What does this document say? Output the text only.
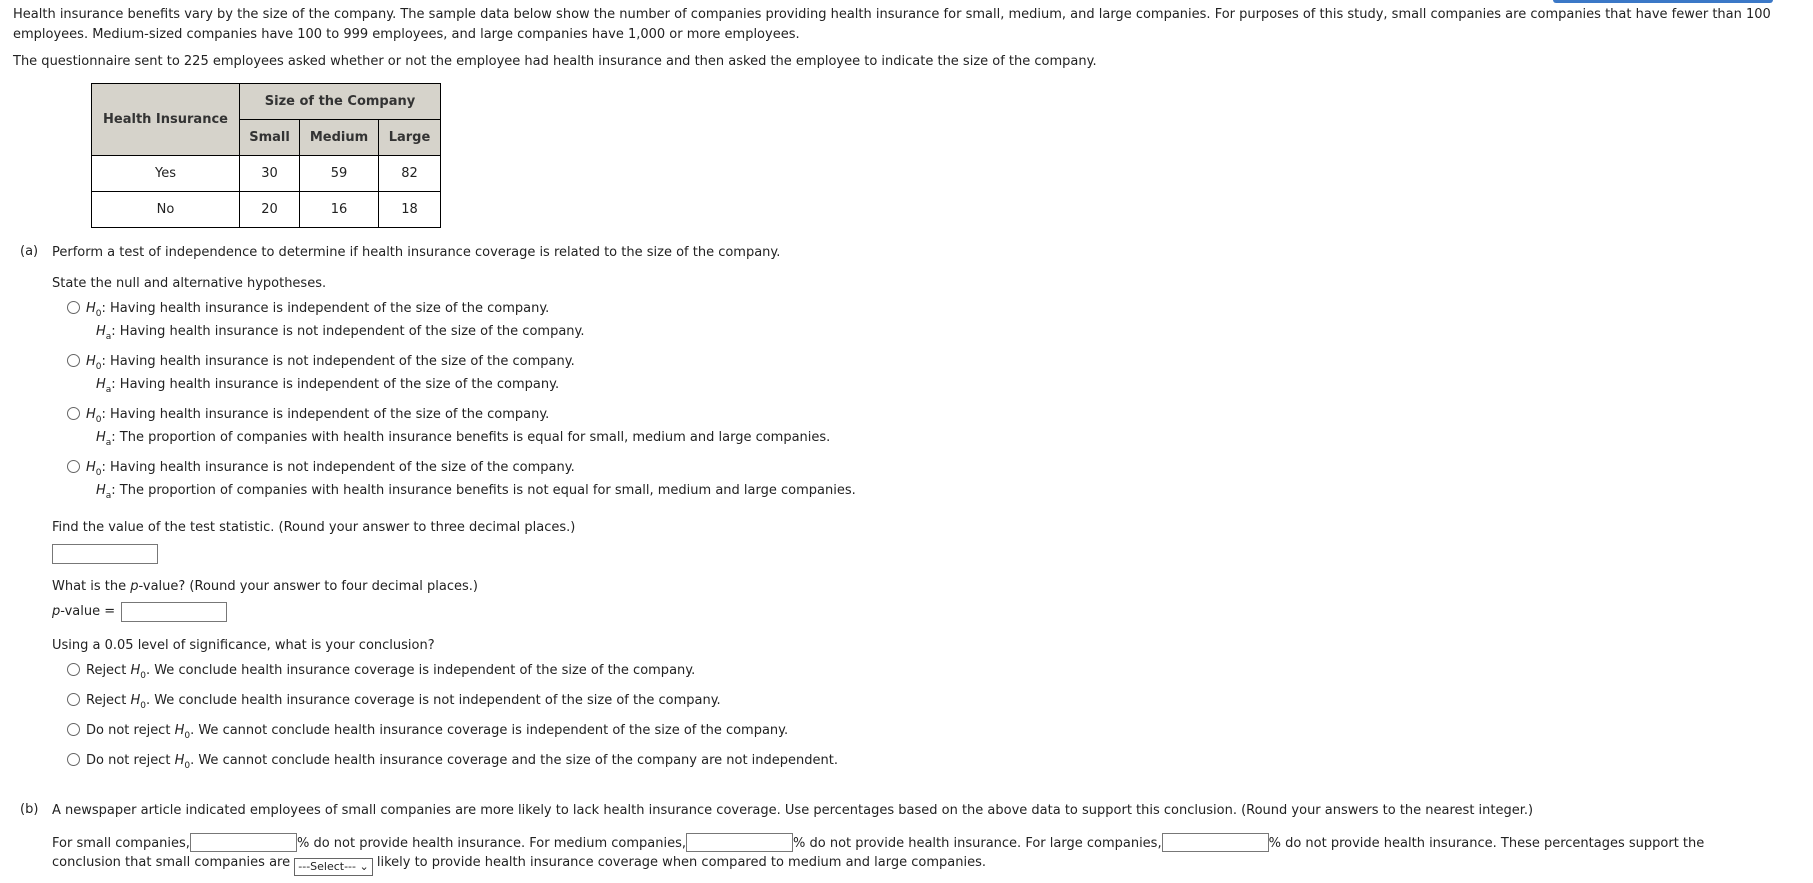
Health insurance benefits vary by the size of the company. The sample data below show the number of companies providing health insurance for small, medium, and large companies. For purposes of this study, small companies are companies that have fewer than 100 employees. Medium-sized companies have 100 to 999 employees, and large companies have 1,000 or more employees.
The questionnaire sent to 225 employees asked whether or not the employee had health insurance and then asked the employee to indicate the size of the company.
Health Insurance	Size of the Company		
	Small	Medium	Large
Yes	30	59	82
No	20	16	18
(a) Perform a test of independence to determine if health insurance coverage is related to the size of the company.
State the null and alternative hypotheses.
$H_0$: Having health insurance is independent of the size of the company.
$H_a$: Having health insurance is not independent of the size of the company.
$H_0$: Having health insurance is not independent of the size of the company.
$H_a$: Having health insurance is independent of the size of the company.
$H_0$: Having health insurance is independent of the size of the company.
$H_a$: The proportion of companies with health insurance benefits is equal for small, medium and large companies.
$H_0$: Having health insurance is not independent of the size of the company.
$H_a$: The proportion of companies with health insurance benefits is not equal for small, medium and large companies.
Find the value of the test statistic. (Round your answer to three decimal places.)
What is the p-value? (Round your answer to four decimal places.)
p-value =
Using a 0.05 level of significance, what is your conclusion?
Reject $H_0$. We conclude health insurance coverage is independent of the size of the company.
Reject $H_0$. We conclude health insurance coverage is not independent of the size of the company.
Do not reject $H_0$. We cannot conclude health insurance coverage is independent of the size of the company.
Do not reject $H_0$. We cannot conclude health insurance coverage and the size of the company are not independent.
(b) A newspaper article indicated employees of small companies are more likely to lack health insurance coverage. Use percentages based on the above data to support this conclusion. (Round your answers to the nearest integer.)
For small companies,	% do not provide health insurance. For medium companies,	% do not provide health insurance. For large companies,	% do not provide health insurance. These percentages support the
conclusion that small companies are ---Select--- ⌄ likely to provide health insurance coverage when compared to medium and large companies.
